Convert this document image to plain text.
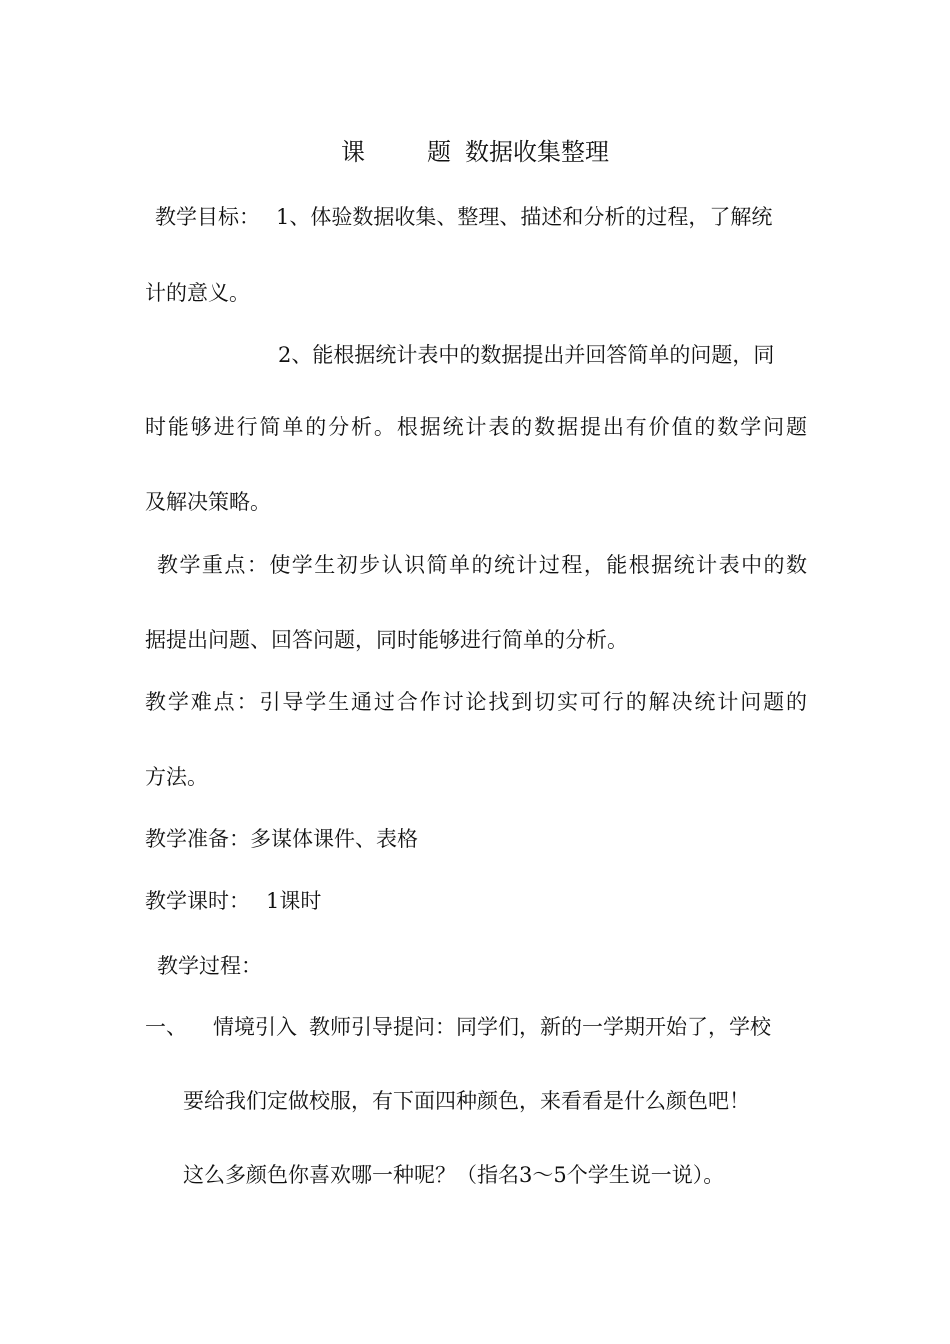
课	题 数据收集整理
教学目标： 1、体验数据收集、整理、描述和分析的过程，了解统
计的意义。
2、能根据统计表中的数据提出并回答简单的问题，同
时能够进行简单的分析。根据统计表的数据提出有价值的数学问题
及解决策略。
教学重点：使学生初步认识简单的统计过程，能根据统计表中的数
据提出问题、回答问题，同时能够进行简单的分析。
教学难点：引导学生通过合作讨论找到切实可行的解决统计问题的
方法。
教学准备：多谋体课件、表格
教学课时： 1课时
教学过程：
一、 情境引入 教师引导提问：同学们，新的一学期开始了，学校
要给我们定做校服，有下面四种颜色，来看看是什么颜色吧！
这么多颜色你喜欢哪一种呢？（指名3～5个学生说一说）。
